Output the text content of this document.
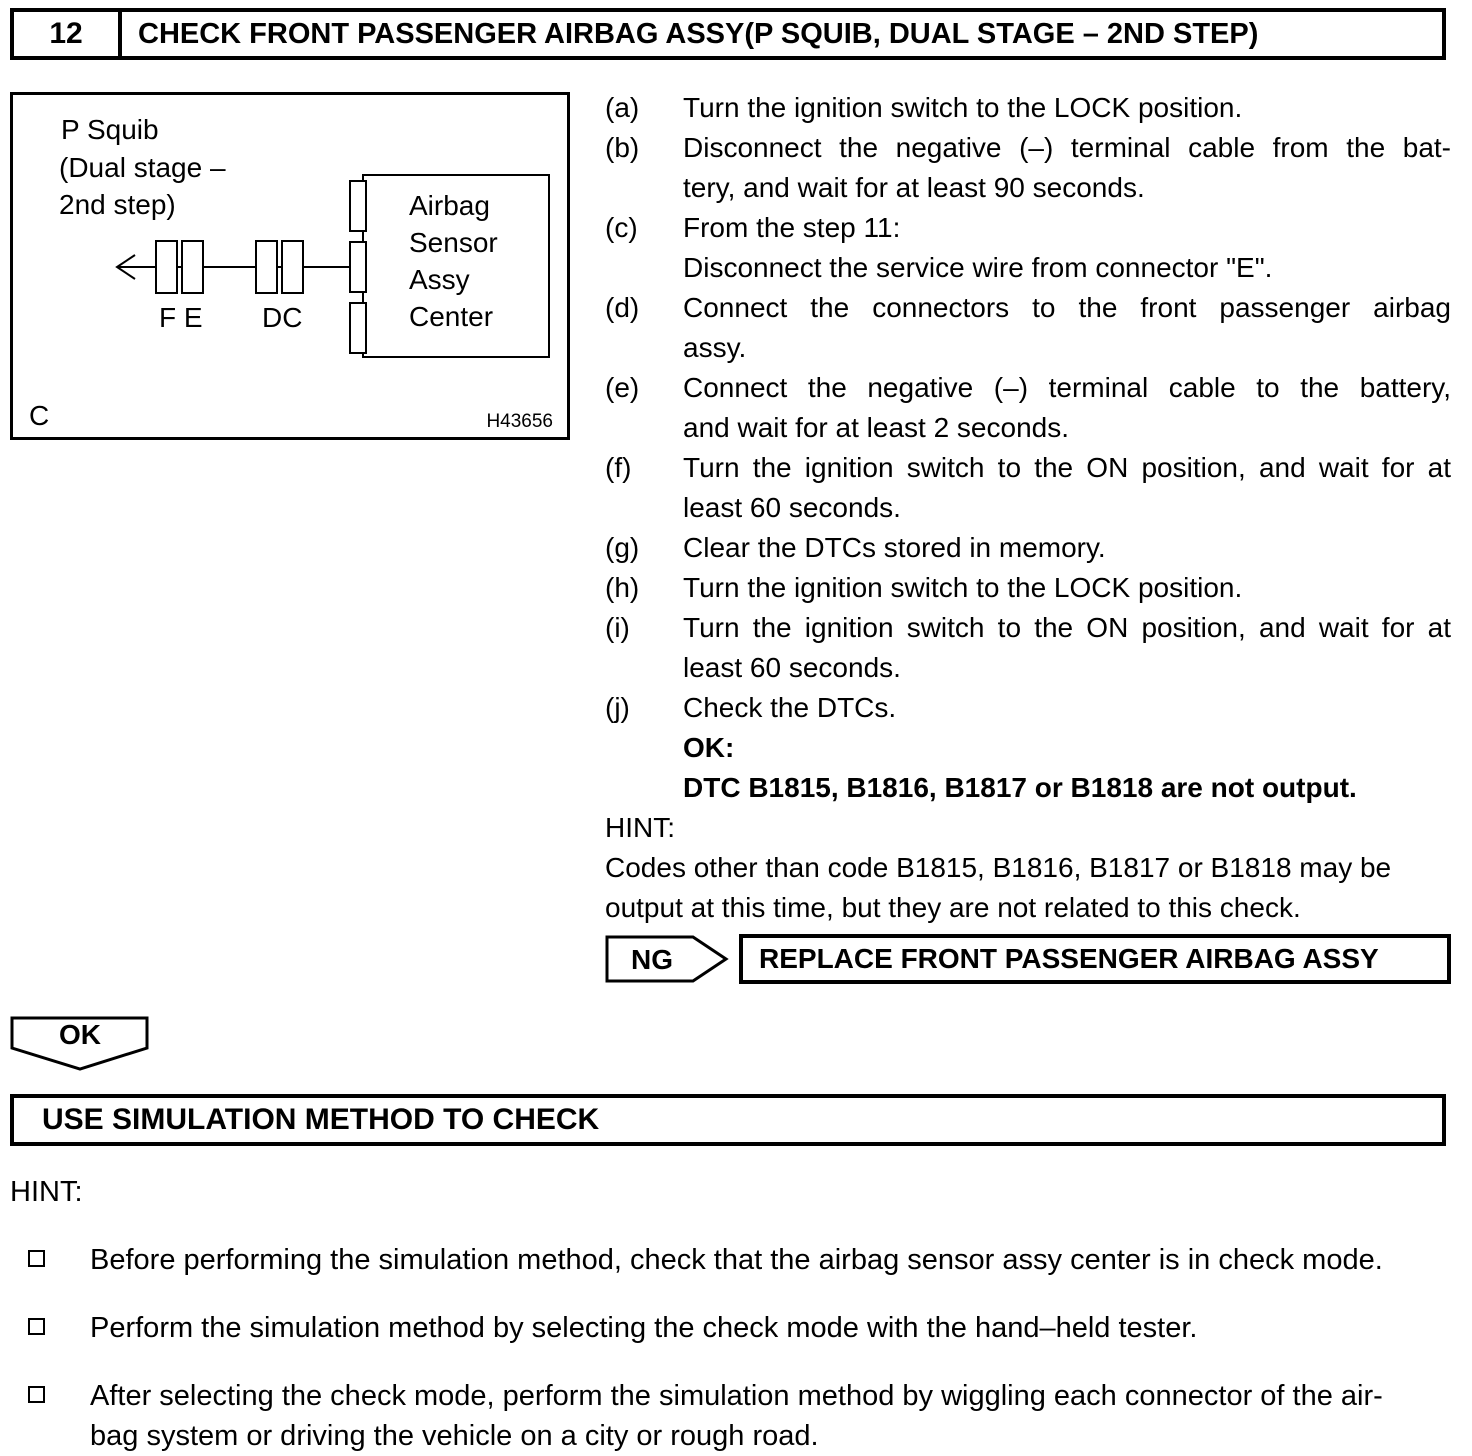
12	CHECK FRONT PASSENGER AIRBAG ASSY(P SQUIB, DUAL STAGE – 2ND STEP)
P Squib
(Dual stage –
2nd step)
F E DC
Airbag
Sensor
Assy
Center
C	H43656
(a)	Turn the ignition switch to the LOCK position.
(b)	Disconnect the negative (–) terminal cable from the bat-
tery, and wait for at least 90 seconds.
(c)	From the step 11:
Disconnect the service wire from connector "E".
(d)	Connect the connectors to the front passenger airbag
assy.
(e)	Connect the negative (–) terminal cable to the battery,
and wait for at least 2 seconds.
(f)	Turn the ignition switch to the ON position, and wait for at
least 60 seconds.
(g)	Clear the DTCs stored in memory.
(h)	Turn the ignition switch to the LOCK position.
(i)	Turn the ignition switch to the ON position, and wait for at
least 60 seconds.
(j)	Check the DTCs.
OK:
DTC B1815, B1816, B1817 or B1818 are not output.
HINT:
Codes other than code B1815, B1816, B1817 or B1818 may be
output at this time, but they are not related to this check.
NG	REPLACE FRONT PASSENGER AIRBAG ASSY
OK
USE SIMULATION METHOD TO CHECK
HINT:
Before performing the simulation method, check that the airbag sensor assy center is in check mode.
Perform the simulation method by selecting the check mode with the hand–held tester.
After selecting the check mode, perform the simulation method by wiggling each connector of the air-
bag system or driving the vehicle on a city or rough road.
